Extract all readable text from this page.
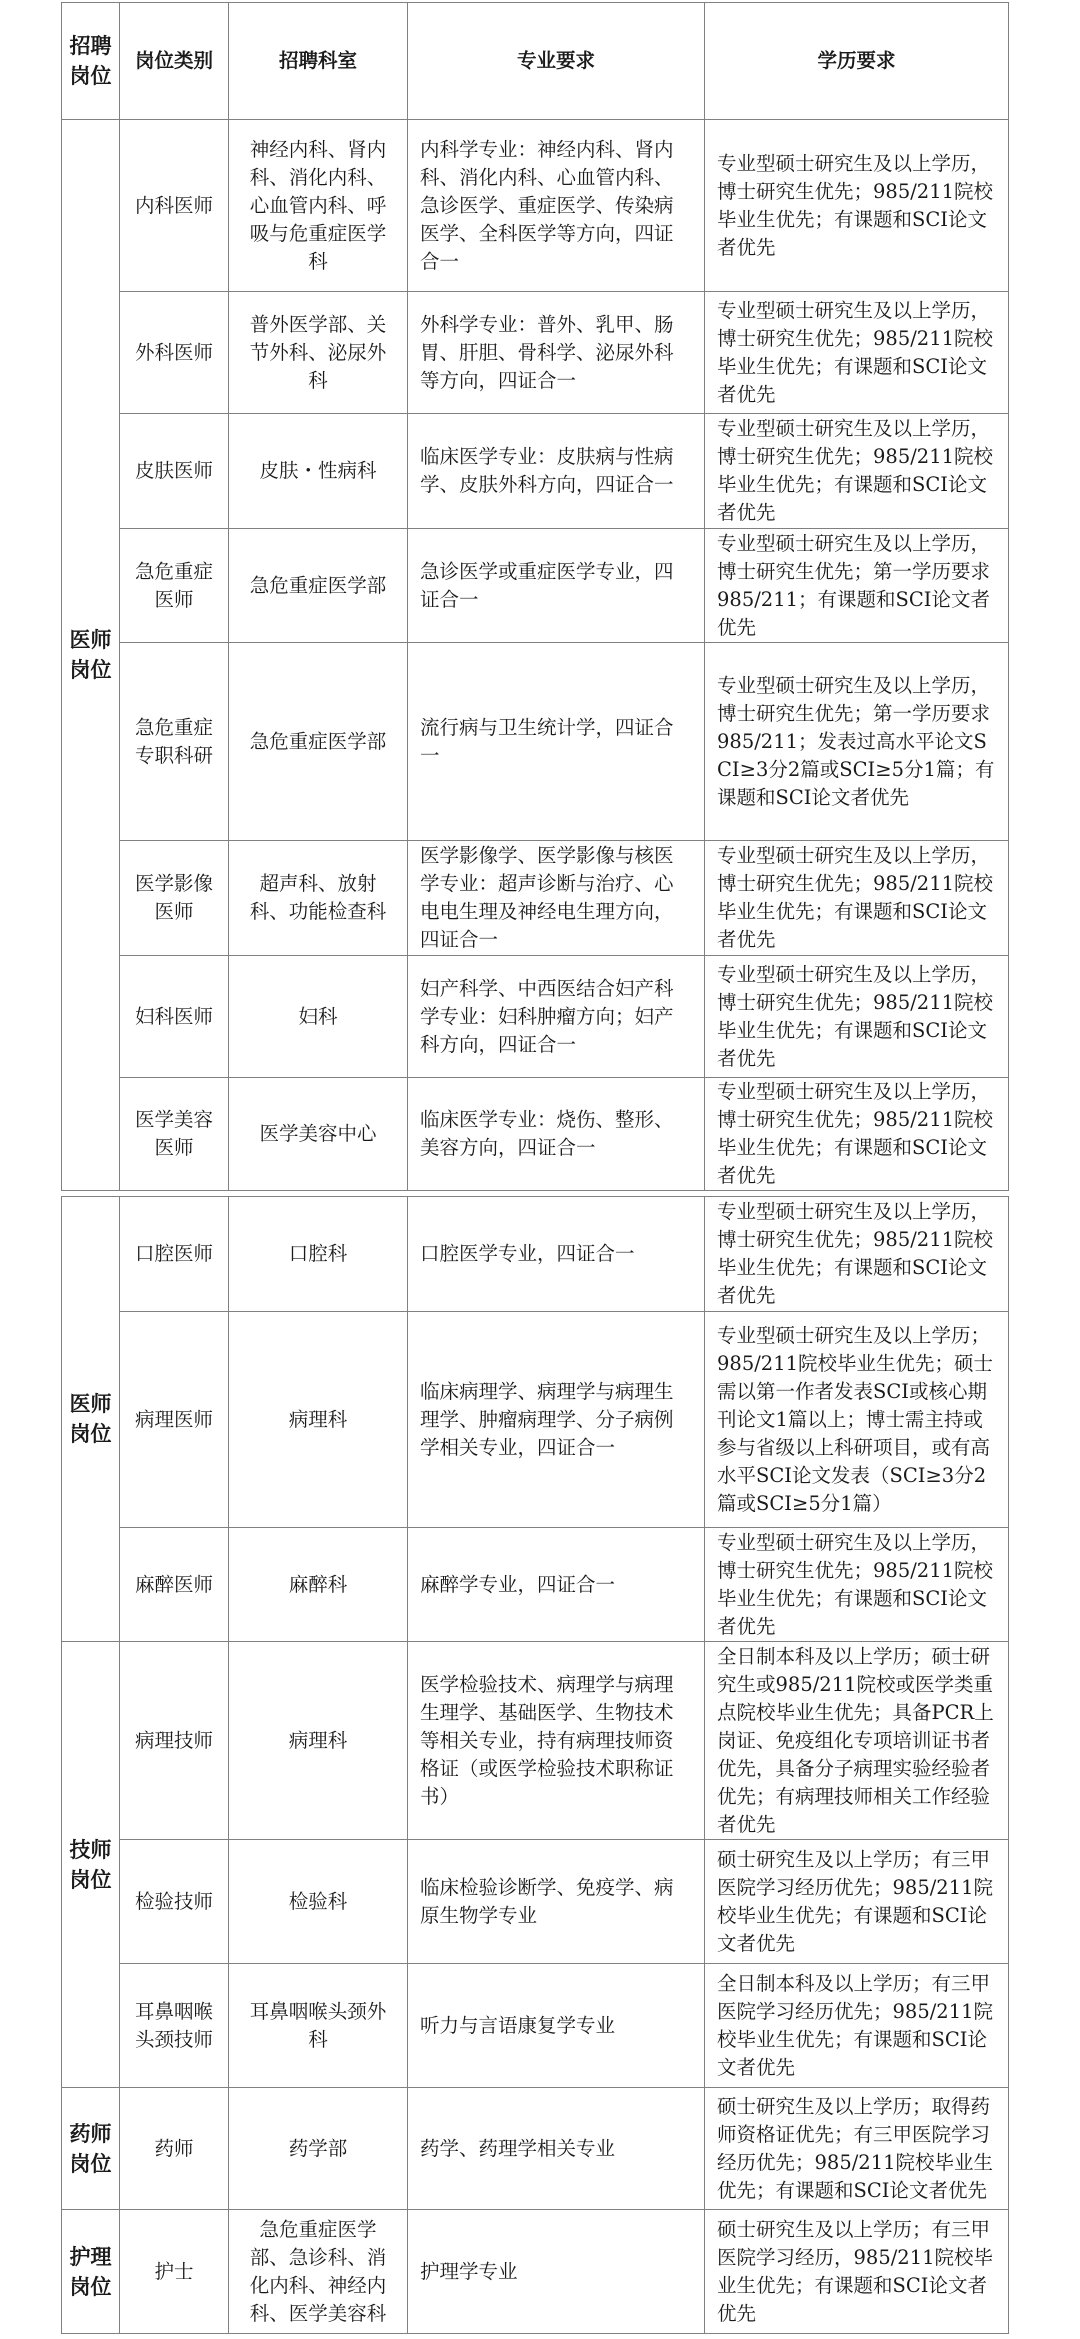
招聘岗位	岗位类别	招聘科室	专业要求	学历要求
医师岗位	内科医师	神经内科、肾内科、消化内科、心血管内科、呼吸与危重症医学科	内科学专业：神经内科、肾内科、消化内科、心血管内科、急诊医学、重症医学、传染病医学、全科医学等方向，四证合一	专业型硕士研究生及以上学历，博士研究生优先；985/211院校毕业生优先；有课题和SCI论文者优先
	外科医师	普外医学部、关节外科、泌尿外科	外科学专业：普外、乳甲、肠胃、肝胆、骨科学、泌尿外科等方向，四证合一	专业型硕士研究生及以上学历，博士研究生优先；985/211院校毕业生优先；有课题和SCI论文者优先
	皮肤医师	皮肤・性病科	临床医学专业：皮肤病与性病学、皮肤外科方向，四证合一	专业型硕士研究生及以上学历，博士研究生优先；985/211院校毕业生优先；有课题和SCI论文者优先
	急危重症医师	急危重症医学部	急诊医学或重症医学专业，四证合一	专业型硕士研究生及以上学历，博士研究生优先；第一学历要求985/211；有课题和SCI论文者优先
	急危重症专职科研	急危重症医学部	流行病与卫生统计学，四证合一	专业型硕士研究生及以上学历，博士研究生优先；第一学历要求985/211；发表过高水平论文SCI≥3分2篇或SCI≥5分1篇；有课题和SCI论文者优先
	医学影像医师	超声科、放射科、功能检查科	医学影像学、医学影像与核医学专业：超声诊断与治疗、心电电生理及神经电生理方向，四证合一	专业型硕士研究生及以上学历，博士研究生优先；985/211院校毕业生优先；有课题和SCI论文者优先
	妇科医师	妇科	妇产科学、中西医结合妇产科学专业：妇科肿瘤方向；妇产科方向，四证合一	专业型硕士研究生及以上学历，博士研究生优先；985/211院校毕业生优先；有课题和SCI论文者优先
	医学美容医师	医学美容中心	临床医学专业：烧伤、整形、美容方向，四证合一	专业型硕士研究生及以上学历，博士研究生优先；985/211院校毕业生优先；有课题和SCI论文者优先
医师岗位	口腔医师	口腔科	口腔医学专业，四证合一	专业型硕士研究生及以上学历，博士研究生优先；985/211院校毕业生优先；有课题和SCI论文者优先
	病理医师	病理科	临床病理学、病理学与病理生理学、肿瘤病理学、分子病例学相关专业，四证合一	专业型硕士研究生及以上学历；985/211院校毕业生优先；硕士需以第一作者发表SCI或核心期刊论文1篇以上；博士需主持或参与省级以上科研项目，或有高水平SCI论文发表（SCI≥3分2篇或SCI≥5分1篇）
	麻醉医师	麻醉科	麻醉学专业，四证合一	专业型硕士研究生及以上学历，博士研究生优先；985/211院校毕业生优先；有课题和SCI论文者优先
技师岗位	病理技师	病理科	医学检验技术、病理学与病理生理学、基础医学、生物技术等相关专业，持有病理技师资格证（或医学检验技术职称证书）	全日制本科及以上学历；硕士研究生或985/211院校或医学类重点院校毕业生优先；具备PCR上岗证、免疫组化专项培训证书者优先，具备分子病理实验经验者优先；有病理技师相关工作经验者优先
	检验技师	检验科	临床检验诊断学、免疫学、病原生物学专业	硕士研究生及以上学历；有三甲医院学习经历优先；985/211院校毕业生优先；有课题和SCI论文者优先
	耳鼻咽喉头颈技师	耳鼻咽喉头颈外科	听力与言语康复学专业	全日制本科及以上学历；有三甲医院学习经历优先；985/211院校毕业生优先；有课题和SCI论文者优先
药师岗位	药师	药学部	药学、药理学相关专业	硕士研究生及以上学历；取得药师资格证优先；有三甲医院学习经历优先；985/211院校毕业生优先；有课题和SCI论文者优先
护理岗位	护士	急危重症医学部、急诊科、消化内科、神经内科、医学美容科	护理学专业	硕士研究生及以上学历；有三甲医院学习经历，985/211院校毕业生优先；有课题和SCI论文者优先
